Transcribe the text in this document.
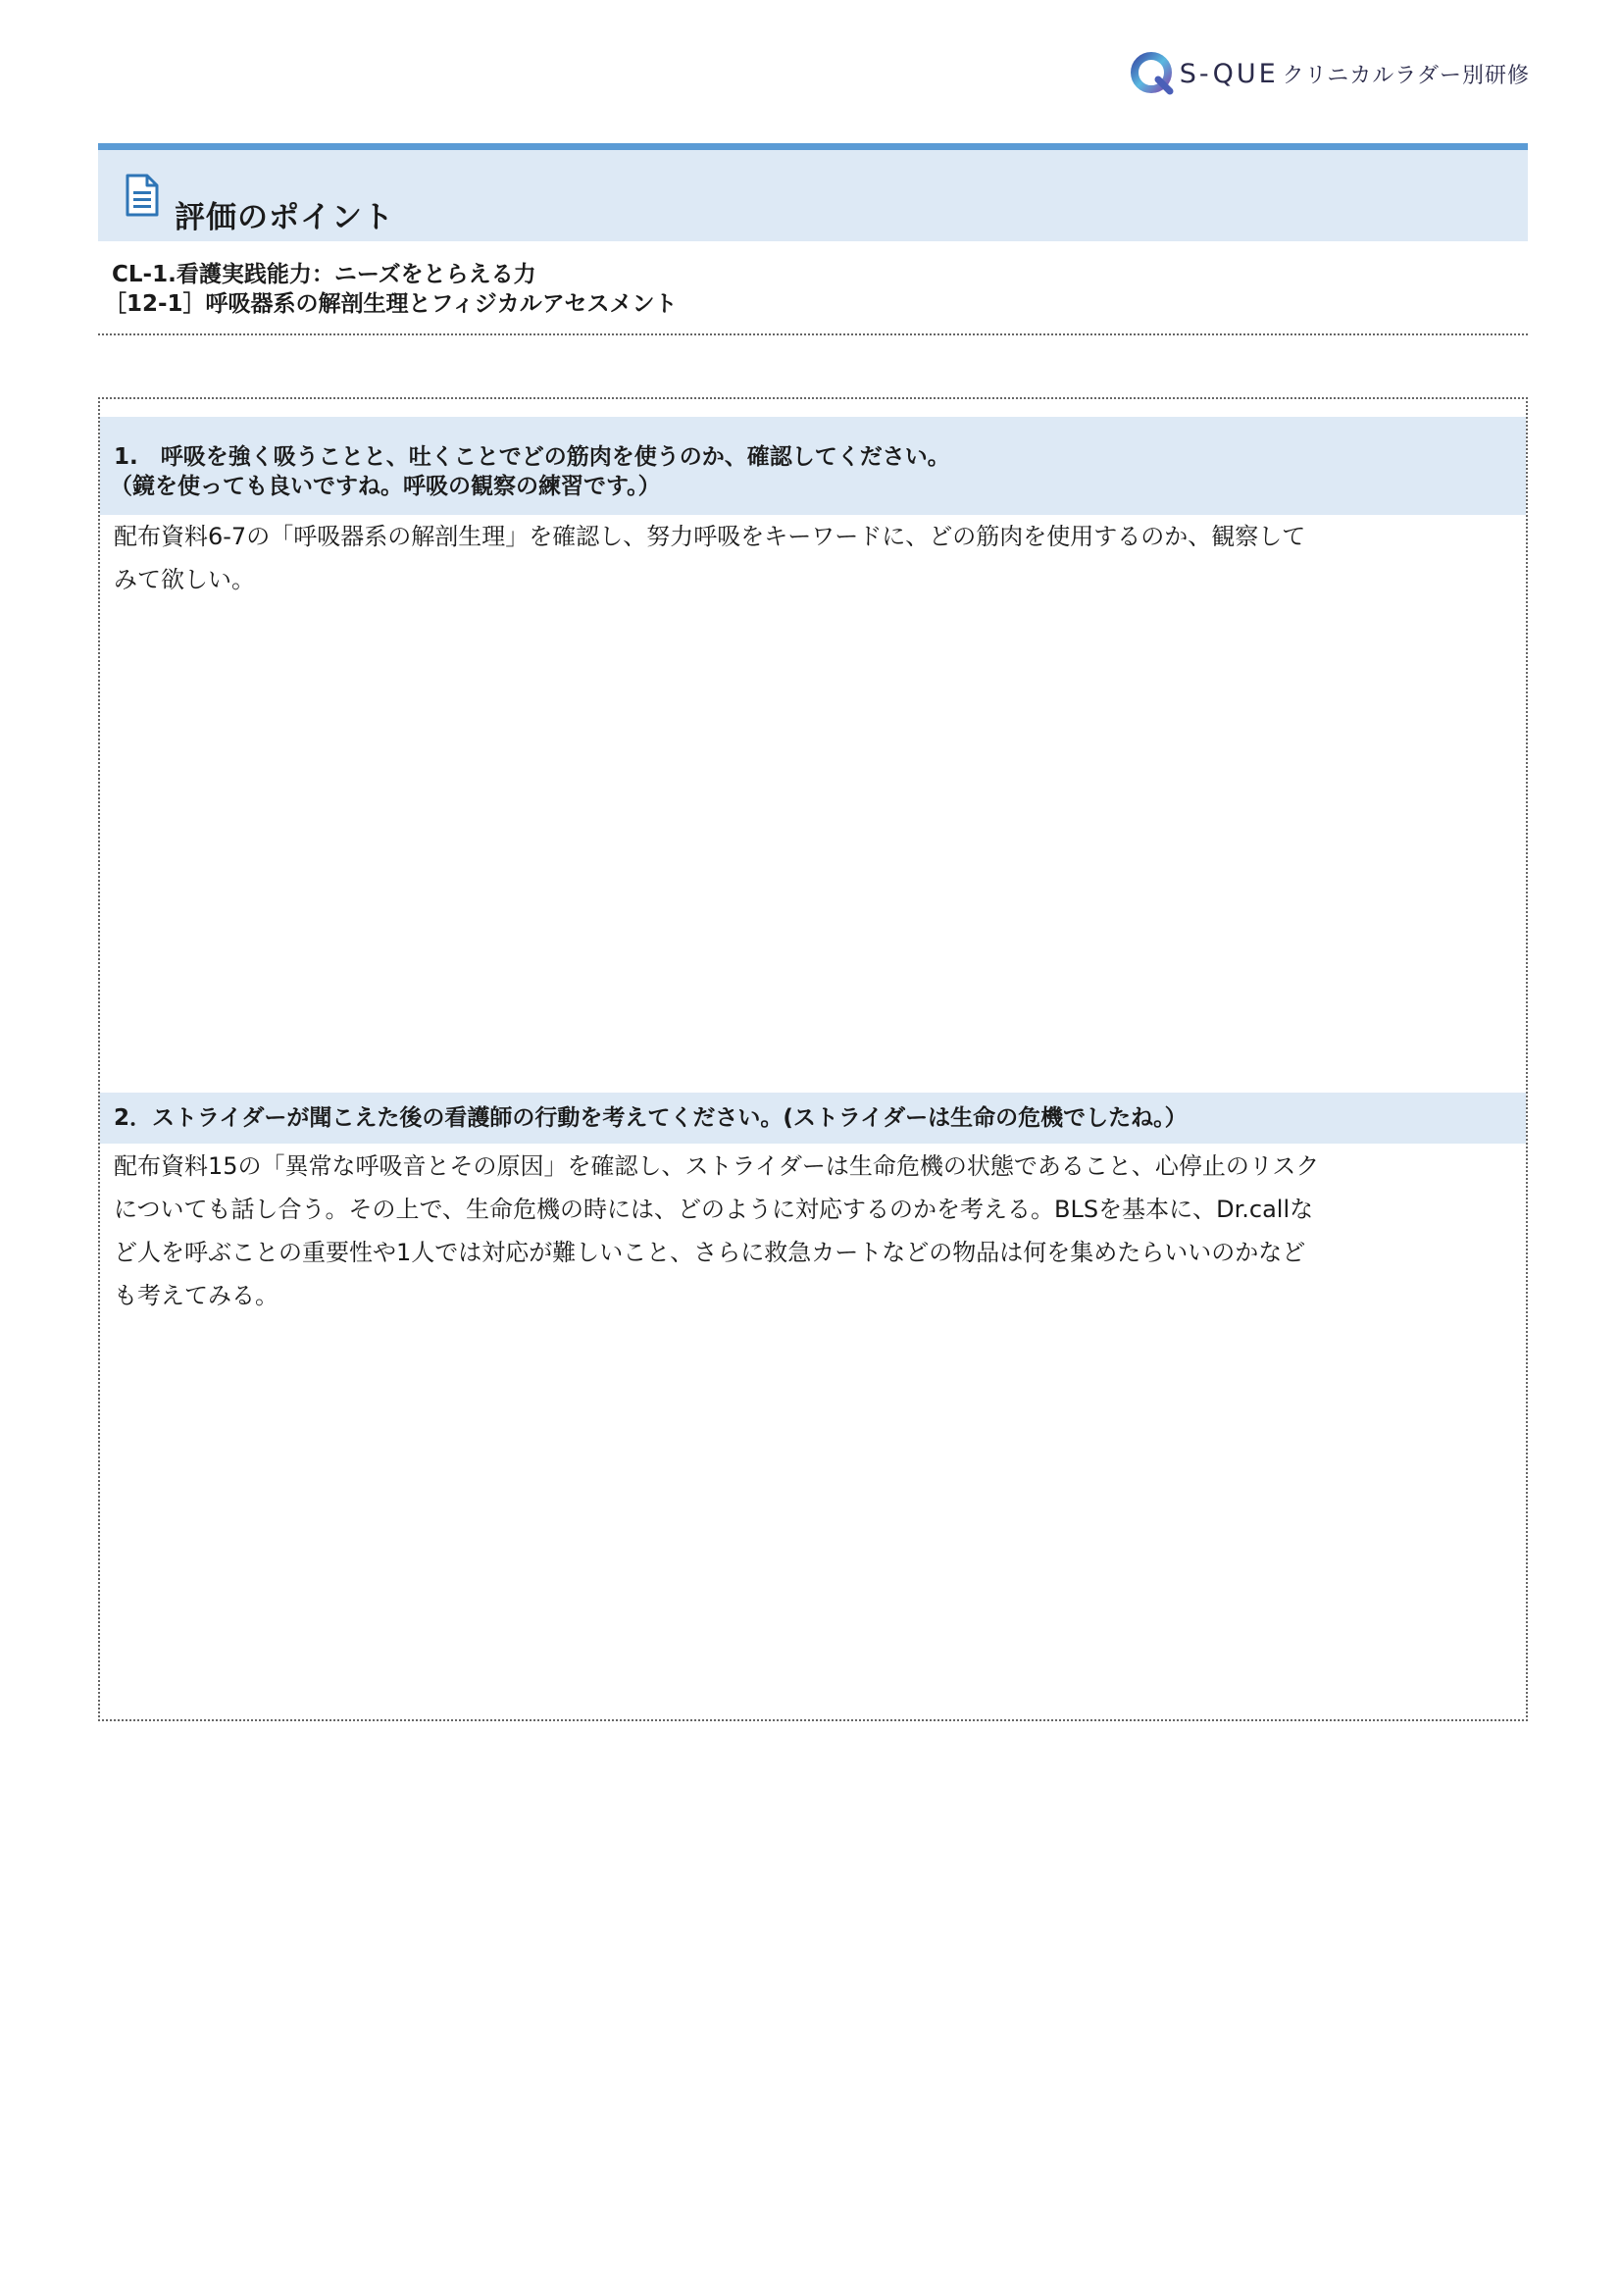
S-QUE クリニカルラダー別研修
評価のポイント
CL-1.看護実践能力：ニーズをとらえる力
［12-1］呼吸器系の解剖生理とフィジカルアセスメント
1.　呼吸を強く吸うことと、吐くことでどの筋肉を使うのか、確認してください。
（鏡を使っても良いですね。呼吸の観察の練習です。）
配布資料6-7の「呼吸器系の解剖生理」を確認し、努力呼吸をキーワードに、どの筋肉を使用するのか、観察して
みて欲しい。
2．ストライダーが聞こえた後の看護師の行動を考えてください。(ストライダーは生命の危機でしたね。）
配布資料15の「異常な呼吸音とその原因」を確認し、ストライダーは生命危機の状態であること、心停止のリスク
についても話し合う。その上で、生命危機の時には、どのように対応するのかを考える。BLSを基本に、Dr.callな
ど人を呼ぶことの重要性や1人では対応が難しいこと、さらに救急カートなどの物品は何を集めたらいいのかなど
も考えてみる。
